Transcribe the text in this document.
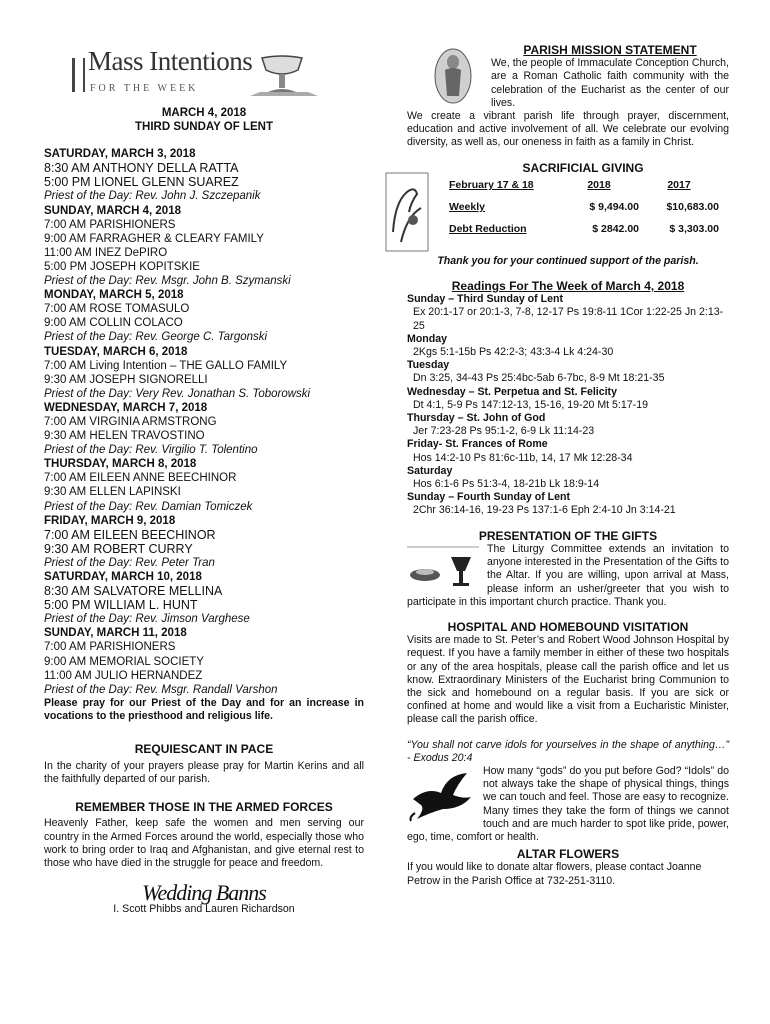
Mass Intentions
FOR THE WEEK
MARCH 4, 2018
THIRD SUNDAY OF LENT
SATURDAY, MARCH 3, 2018
8:30 AM ANTHONY DELLA RATTA
5:00 PM LIONEL GLENN SUAREZ
Priest of the Day: Rev. John J. Szczepanik
SUNDAY, MARCH 4, 2018
7:00 AM PARISHIONERS
9:00 AM FARRAGHER & CLEARY FAMILY
11:00 AM INEZ DePIRO
5:00 PM JOSEPH KOPITSKIE
Priest of the Day: Rev. Msgr. John B. Szymanski
MONDAY, MARCH 5, 2018
7:00 AM ROSE TOMASULO
9:00 AM COLLIN COLACO
Priest of the Day: Rev. George C. Targonski
TUESDAY, MARCH 6, 2018
7:00 AM Living Intention – THE GALLO FAMILY
9:30 AM JOSEPH SIGNORELLI
Priest of the Day: Very Rev. Jonathan S. Toborowski
WEDNESDAY, MARCH 7, 2018
7:00 AM VIRGINIA ARMSTRONG
9:30 AM HELEN TRAVOSTINO
Priest of the Day: Rev. Virgilio T. Tolentino
THURSDAY, MARCH 8, 2018
7:00 AM EILEEN ANNE BEECHINOR
9:30 AM ELLEN LAPINSKI
Priest of the Day: Rev. Damian Tomiczek
FRIDAY, MARCH 9, 2018
7:00 AM EILEEN BEECHINOR
9:30 AM ROBERT CURRY
Priest of the Day: Rev. Peter Tran
SATURDAY, MARCH 10, 2018
8:30 AM SALVATORE MELLINA
5:00 PM WILLIAM L. HUNT
Priest of the Day: Rev. Jimson Varghese
SUNDAY, MARCH 11, 2018
7:00 AM PARISHIONERS
9:00 AM MEMORIAL SOCIETY
11:00 AM JULIO HERNANDEZ
Priest of the Day: Rev. Msgr. Randall Varshon
Please pray for our Priest of the Day and for an increase in vocations to the priesthood and religious life.
REQUIESCANT IN PACE
In the charity of your prayers please pray for Martin Kerins and all the faithfully departed of our parish.
REMEMBER THOSE IN THE ARMED FORCES
Heavenly Father, keep safe the women and men serving our country in the Armed Forces around the world, especially those who work to bring order to Iraq and Afghanistan, and give eternal rest to those who have died in the struggle for peace and freedom.
Wedding Banns
I. Scott Phibbs and Lauren Richardson
PARISH MISSION STATEMENT
We, the people of Immaculate Conception Church, are a Roman Catholic faith community with the celebration of the Eucharist as the center of our lives.
We create a vibrant parish life through prayer, discernment, education and active involvement of all. We celebrate our evolving diversity, as well as, our oneness in faith as a family in Christ.
SACRIFICIAL GIVING
February 17 & 18	2018	2017
Weekly	$ 9,494.00	$10,683.00
Debt Reduction	$ 2842.00	$ 3,303.00
Thank you for your continued support of the parish.
Readings For The Week of March 4, 2018
Sunday – Third Sunday of Lent
Ex 20:1-17 or 20:1-3, 7-8, 12-17 Ps 19:8-11 1Cor 1:22-25 Jn 2:13-25
Monday
2Kgs 5:1-15b Ps 42:2-3; 43:3-4 Lk 4:24-30
Tuesday
Dn 3:25, 34-43 Ps 25:4bc-5ab 6-7bc, 8-9 Mt 18:21-35
Wednesday – St. Perpetua and St. Felicity
Dt 4:1, 5-9 Ps 147:12-13, 15-16, 19-20 Mt 5:17-19
Thursday – St. John of God
Jer 7:23-28 Ps 95:1-2, 6-9 Lk 11:14-23
Friday- St. Frances of Rome
Hos 14:2-10 Ps 81:6c-11b, 14, 17 Mk 12:28-34
Saturday
Hos 6:1-6 Ps 51:3-4, 18-21b Lk 18:9-14
Sunday – Fourth Sunday of Lent
2Chr 36:14-16, 19-23 Ps 137:1-6 Eph 2:4-10 Jn 3:14-21
PRESENTATION OF THE GIFTS
The Liturgy Committee extends an invitation to anyone interested in the Presentation of the Gifts to the Altar. If you are willing, upon arrival at Mass, please inform an usher/greeter that you wish to participate in this important church practice. Thank you.
HOSPITAL AND HOMEBOUND VISITATION
Visits are made to St. Peter’s and Robert Wood Johnson Hospital by request. If you have a family member in either of these two hospitals or any of the area hospitals, please call the parish office and let us know. Extraordinary Ministers of the Eucharist bring Communion to the sick and homebound on a regular basis. If you are sick or confined at home and would like a visit from a Eucharistic Minister, please call the parish office.
“You shall not carve idols for yourselves in the shape of anything…” - Exodus 20:4
How many “gods” do you put before God? “Idols” do not always take the shape of physical things, things we can touch and feel. Those are easy to recognize. Many times they take the form of things we cannot touch and are much harder to spot like pride, power, ego, time, comfort or health.
ALTAR FLOWERS
If you would like to donate altar flowers, please contact Joanne Petrow in the Parish Office at 732-251-3110.
